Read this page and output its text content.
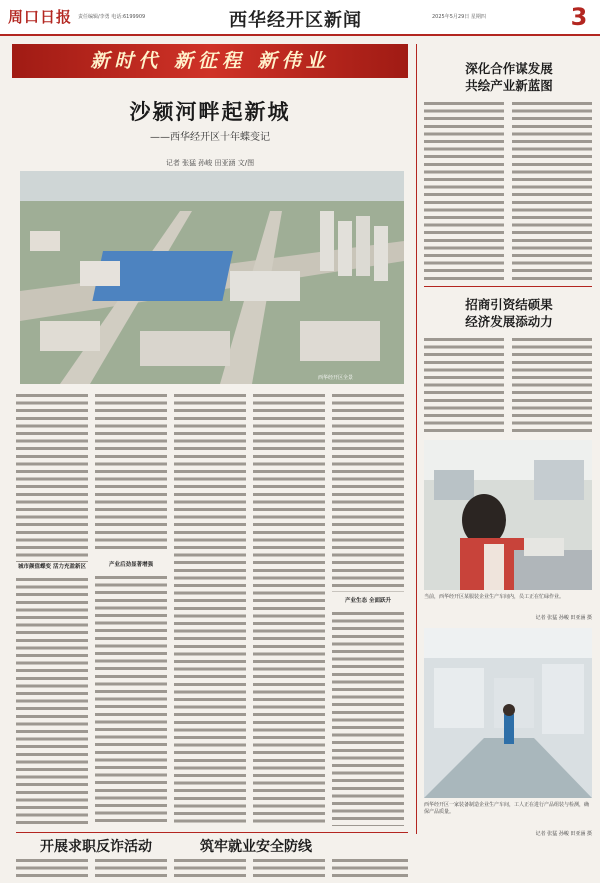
周口日报 责任编辑/李勇 电话:6199909	西华经开区新闻	2025年5月29日 星期四	3
新时代 新征程 新伟业
沙颍河畔起新城
——西华经开区十年蝶变记
记者 张猛 孙峻 田亚涵 文/图
西华经开区全景
城市颜值蝶变 活力充盈新区	产业后劲显著增强
产业生态 全面跃升
深化合作谋发展
共绘产业新蓝图
招商引资结硕果
经济发展添动力
当前，西华经开区某服装企业生产车间内，员工正在忙碌作业。
记者 张猛 孙峻 田亚涵 摄
西华经开区一家装备制造企业生产车间，工人正在进行产品组装与检测，确保产品质量。
记者 张猛 孙峻 田亚涵 摄
开展求职反诈活动	筑牢就业安全防线
